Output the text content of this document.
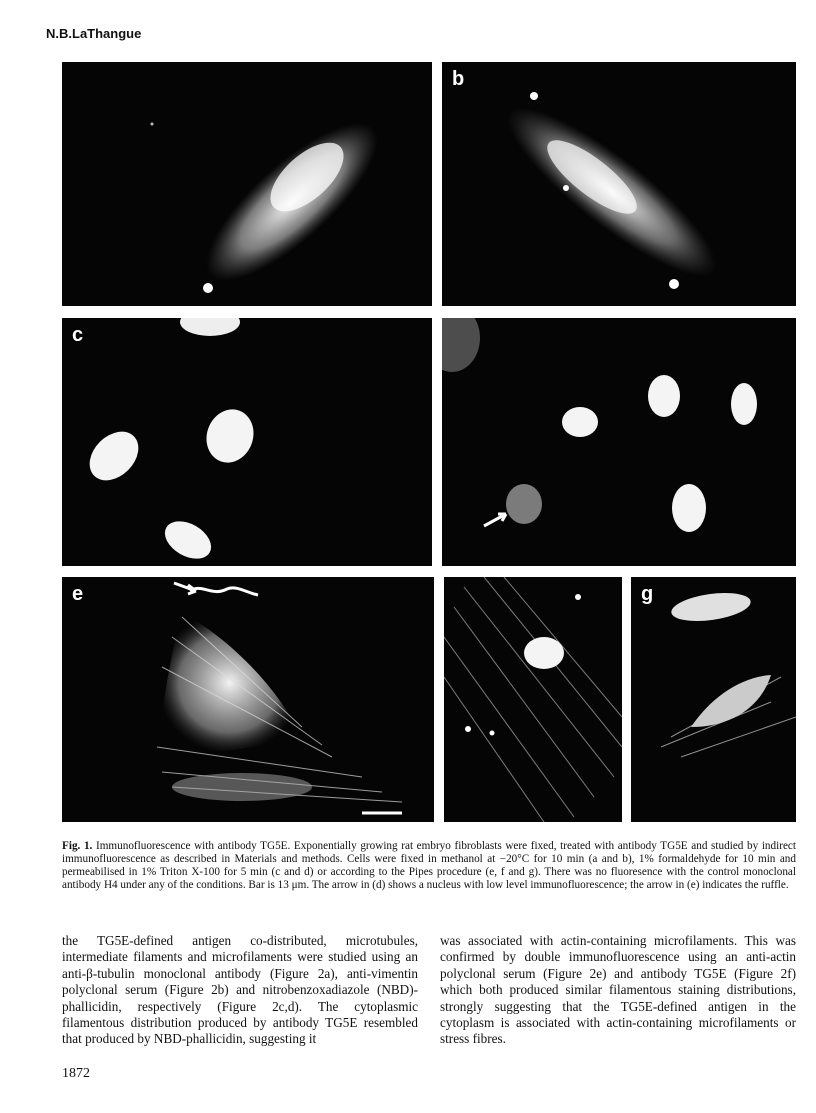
N.B.LaThangue
b
c
e	g
Fig. 1. Immunofluorescence with antibody TG5E. Exponentially growing rat embryo fibroblasts were fixed, treated with antibody TG5E and studied by indirect immunofluorescence as described in Materials and methods. Cells were fixed in methanol at −20°C for 10 min (a and b), 1% formaldehyde for 10 min and permeabilised in 1% Triton X-100 for 5 min (c and d) or according to the Pipes procedure (e, f and g). There was no fluoresence with the control monoclonal antibody H4 under any of the conditions. Bar is 13 μm. The arrow in (d) shows a nucleus with low level immunofluorescence; the arrow in (e) indicates the ruffle.
the TG5E-defined antigen co-distributed, microtubules, intermediate filaments and microfilaments were studied using an anti-β-tubulin monoclonal antibody (Figure 2a), anti-vimentin polyclonal serum (Figure 2b) and nitrobenzoxadiazole (NBD)-phallicidin, respectively (Figure 2c,d). The cytoplasmic filamentous distribution produced by antibody TG5E resembled that produced by NBD-phallicidin, suggesting it
was associated with actin-containing microfilaments. This was confirmed by double immunofluorescence using an anti-actin polyclonal serum (Figure 2e) and antibody TG5E (Figure 2f) which both produced similar filamentous staining distributions, strongly suggesting that the TG5E-defined antigen in the cytoplasm is associated with actin-containing microfilaments or stress fibres.
1872
